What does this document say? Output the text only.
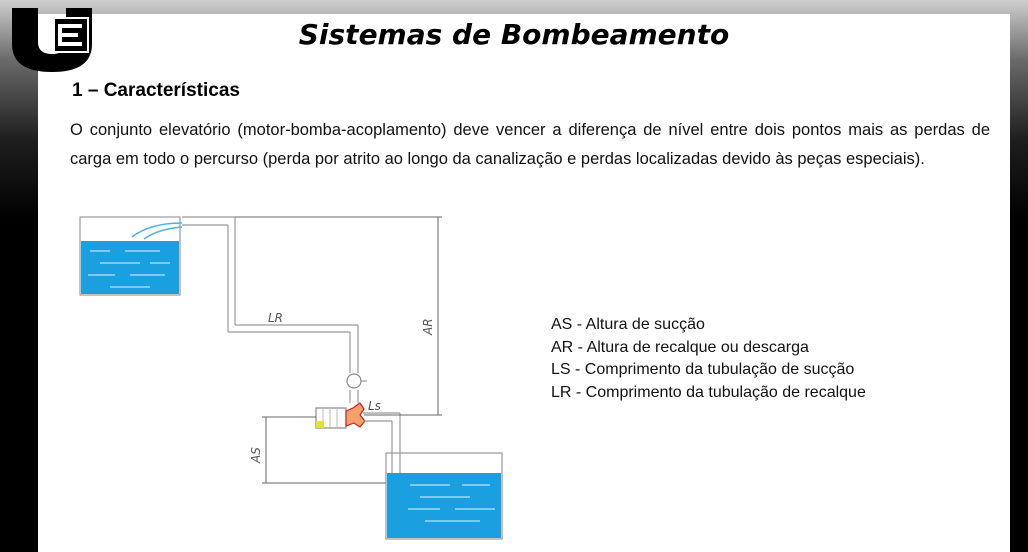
Sistemas de Bombeamento
1 – Características
O conjunto elevatório (motor-bomba-acoplamento) deve vencer a diferença de nível entre dois pontos mais as perdas de carga em todo o percurso (perda por atrito ao longo da canalização e perdas localizadas devido às peças especiais).
LR
Ls
AR
AS
AS - Altura de sucção
AR - Altura de recalque ou descarga
LS - Comprimento da tubulação de sucção
LR - Comprimento da tubulação de recalque
